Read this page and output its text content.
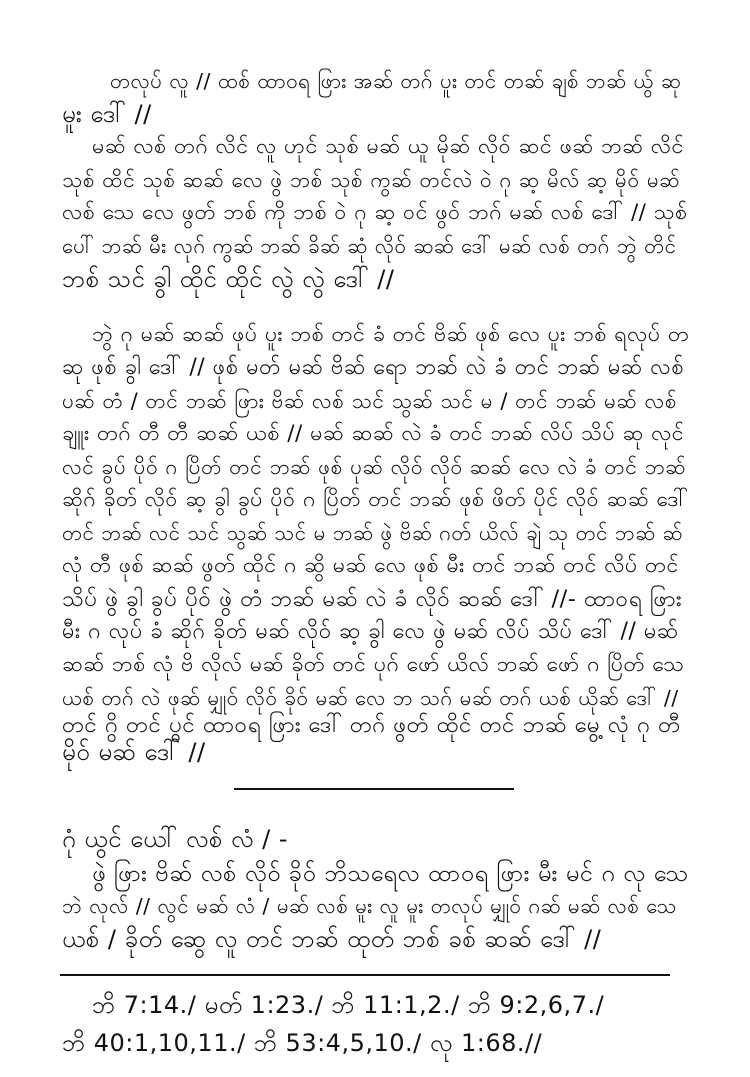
တလုပ် လူ // ထစ် ထာဝရ ဖြား အဆ် တဂ် ပူး တင် တဆ် ချစ် ဘဆ် ယွ် ဆု
မူး ဒေါ် //
မဆ် လစ် တဂ် လိင် လူ ဟုင် သုစ် မဆ် ယူ မိုဆ် လိုဝ် ဆင် ဖဆ် ဘဆ် လိင်
သုစ် ထိင် သုစ် ဆဆ် လေ ဖွဲ ဘစ် သုစ် ကွဆ် တင်လဲ ဝဲ ဂု ဆ့ မိလ် ဆ့ မိုဝ် မဆ်
လစ် သေ လေ ဖွတ် ဘစ် ကို ဘစ် ဝဲ ဂု ဆ့ ဝင် ဖွဝ် ဘဂ် မဆ် လစ် ဒေါ် // သုစ်
ပေါ် ဘဆ် မီး လုဂ် ကွဆ် ဘဆ် ခိဆ် ဆုံ လိုဝ် ဆဆ် ဒေါ် မဆ် လစ် တဂ် ဘွဲ တိင်
ဘစ် သင် ခွါ ထိုင် ထိုင် လွဲ လွဲ ဒေါ် //
ဘွဲ ဂု မဆ် ဆဆ် ဖုပ် ပူး ဘစ် တင် ခံ တင် ဗိဆ် ဖုစ် လေ ပူး ဘစ် ရလုပ် တ
ဆု ဖုစ် ခွါ ဒေါ် // ဖုစ် မတ် မဆ် ဗိဆ် ရော ဘဆ် လဲ ခံ တင် ဘဆ် မဆ် လစ်
ပဆ် တံ / တင် ဘဆ် ဖြား ဗိဆ် လစ် သင် သွဆ် သင် မ / တင် ဘဆ် မဆ် လစ်
ချူး တဂ် တီ တီ ဆဆ် ယစ် // မဆ် ဆဆ် လဲ ခံ တင် ဘဆ် လိပ် သိပ် ဆု လုင်
လင် ခွပ် ပိုဝ် ဂ ပြိတ် တင် ဘဆ် ဖုစ် ပုဆ် လိုဝ် လိုဝ် ဆဆ် လေ လဲ ခံ တင် ဘဆ်
ဆိုဂ် ခိုတ် လိုဝ် ဆ့ ခွါ ခွပ် ပိုဝ် ဂ ပြိတ် တင် ဘဆ် ဖုစ် ဖိတ် ပိုင် လိုဝ် ဆဆ် ဒေါ်
တင် ဘဆ် လင် သင် သွဆ် သင် မ ဘဆ် ဖွဲ ဗိဆ် ဂတ် ယိလ် ချဲ သု တင် ဘဆ် ဆ်
လုံ တီ ဖုစ် ဆဆ် ဖွတ် ထိုင် ဂ ဆွိ မဆ် လေ ဖုစ် မီး တင် ဘဆ် တင် လိပ် တင်
သိပ် ဖွဲ ခွါ ခွပ် ပိုဝ် ဖွဲ တံ ဘဆ် မဆ် လဲ ခံ လိုဝ် ဆဆ် ဒေါ် //- ထာဝရ ဖြား
မီး ဂ လုပ် ခံ ဆိုဂ် ခိုတ် မဆ် လိုဝ် ဆ့ ခွါ လေ ဖွဲ မဆ် လိပ် သိပ် ဒေါ် // မဆ်
ဆဆ် ဘစ် လုံ ဗိ လိုလ် မဆ် ခိုတ် တင် ပုဂ် ဖော် ယိလ် ဘဆ် ဖော် ဂ ပြိတ် သေ
ယစ် တဂ် လဲ ဖုဆ် မျှုဝ် လိုဝ် ခိုဝ် မဆ် လေ ဘ သဂ် မဆ် တဂ် ယစ် ယိုဆ် ဒေါ် //
တင် ဂွိ တင် ပွင် ထာဝရ ဖြား ဒေါ် တဂ် ဖွတ် ထိုင် တင် ဘဆ် မွေ့ လုံ ဂု တီ
မိုဝ် မဆ် ဒေါ် //
ဂုံ ယွင် ယေါ် လစ် လံ / -
ဖွဲ ဖြား ဗိဆ် လစ် လိုဝ် ခိုဝ် ဘိသရေလ ထာဝရ ဖြား မီး မင် ဂ လု သေ
ဘဲ လုလ် // လွင် မဆ် လံ / မဆ် လစ် မူး လူ မူး တလုပ် မျှုဝ် ဂဆ် မဆ် လစ် သေ
ယစ် / ခိုတ် ဆွေ လူ တင် ဘဆ် ထုတ် ဘစ် ခစ် ဆဆ် ဒေါ် //
ဘိ 7:14./ မတ် 1:23./ ဘိ 11:1,2./ ဘိ 9:2,6,7./
ဘိ 40:1,10,11./ ဘိ 53:4,5,10./ လု 1:68.//
